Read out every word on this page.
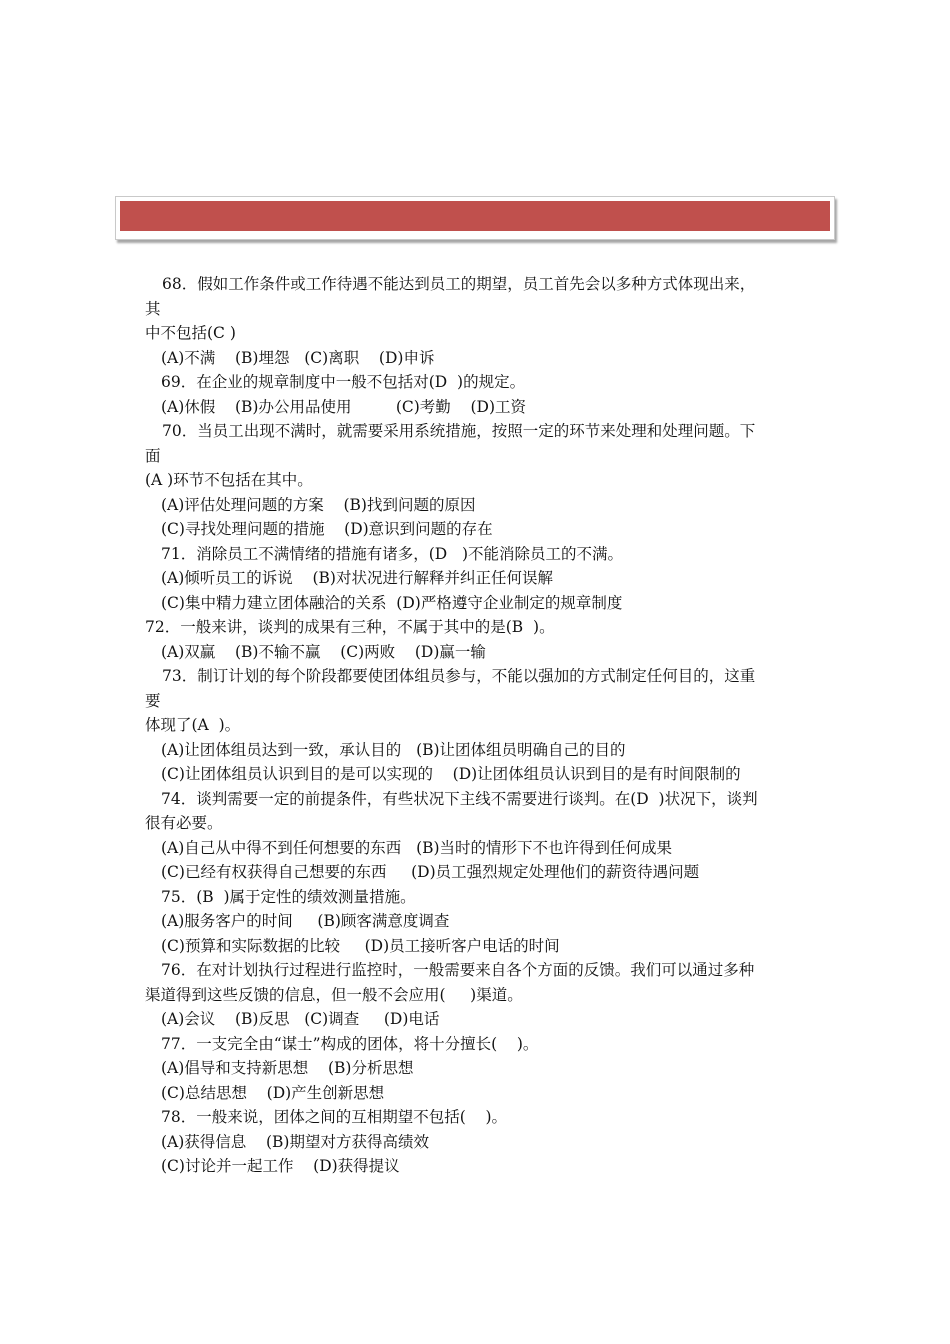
68．假如工作条件或工作待遇不能达到员工的期望，员工首先会以多种方式体现出来，
其
中不包括(C )
(A)不满    (B)埋怨   (C)离职    (D)申诉
69．在企业的规章制度中一般不包括对(D  )的规定。
(A)休假    (B)办公用品使用         (C)考勤    (D)工资
70．当员工出现不满时，就需要采用系统措施，按照一定的环节来处理和处理问题。下
面
(A )环节不包括在其中。
(A)评估处理问题的方案    (B)找到问题的原因
(C)寻找处理问题的措施    (D)意识到问题的存在
71．消除员工不满情绪的措施有诸多，(D   )不能消除员工的不满。
(A)倾听员工的诉说    (B)对状况进行解释并纠正任何误解
(C)集中精力建立团体融洽的关系  (D)严格遵守企业制定的规章制度
72．一般来讲，谈判的成果有三种，不属于其中的是(B  )。
(A)双赢    (B)不输不赢    (C)两败    (D)赢一输
73．制订计划的每个阶段都要使团体组员参与，不能以强加的方式制定任何目的，这重
要
体现了(A  )。
(A)让团体组员达到一致，承认目的   (B)让团体组员明确自己的目的
(C)让团体组员认识到目的是可以实现的    (D)让团体组员认识到目的是有时间限制的
74．谈判需要一定的前提条件，有些状况下主线不需要进行谈判。在(D  )状况下，谈判
很有必要。
(A)自己从中得不到任何想要的东西   (B)当时的情形下不也许得到任何成果
(C)已经有权获得自己想要的东西     (D)员工强烈规定处理他们的薪资待遇问题
75．(B  )属于定性的绩效测量措施。
(A)服务客户的时间     (B)顾客满意度调查
(C)预算和实际数据的比较     (D)员工接听客户电话的时间
76．在对计划执行过程进行监控时，一般需要来自各个方面的反馈。我们可以通过多种
渠道得到这些反馈的信息，但一般不会应用(     )渠道。
(A)会议    (B)反思   (C)调查     (D)电话
77．一支完全由“谋士”构成的团体，将十分擅长(    )。
(A)倡导和支持新思想    (B)分析思想
(C)总结思想    (D)产生创新思想
78．一般来说，团体之间的互相期望不包括(    )。
(A)获得信息    (B)期望对方获得高绩效
(C)讨论并一起工作    (D)获得提议
